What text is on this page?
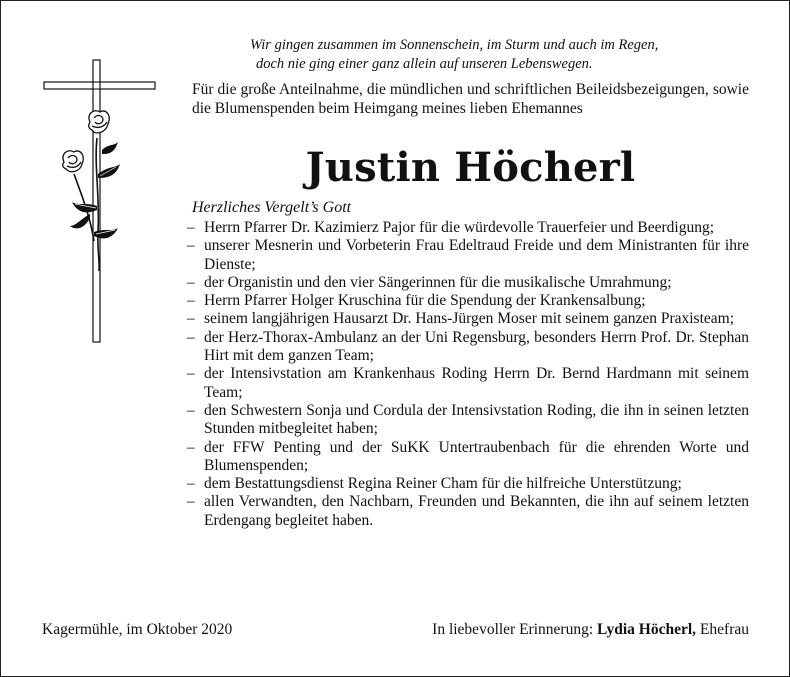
Wir gingen zusammen im Sonnenschein, im Sturm und auch im Regen,
doch nie ging einer ganz allein auf unseren Lebenswegen.
Für die große Anteilnahme, die mündlichen und schriftlichen Beileidsbezeigungen, sowie die Blumenspenden beim Heimgang meines lieben Ehemannes
Justin Höcherl
Herzliches Vergelt’s Gott
– Herrn Pfarrer Dr. Kazimierz Pajor für die würdevolle Trauerfeier und Beerdigung;
– unserer Mesnerin und Vorbeterin Frau Edeltraud Freide und dem Ministranten für ihre Dienste;
– der Organistin und den vier Sängerinnen für die musikalische Umrahmung;
– Herrn Pfarrer Holger Kruschina für die Spendung der Krankensalbung;
– seinem langjährigen Hausarzt Dr. Hans-Jürgen Moser mit seinem ganzen Praxisteam;
– der Herz-Thorax-Ambulanz an der Uni Regensburg, besonders Herrn Prof. Dr. Stephan Hirt mit dem ganzen Team;
– der Intensivstation am Krankenhaus Roding Herrn Dr. Bernd Hardmann mit seinem Team;
– den Schwestern Sonja und Cordula der Intensivstation Roding, die ihn in seinen letzten Stunden mitbegleitet haben;
– der FFW Penting und der SuKK Untertraubenbach für die ehrenden Worte und Blumenspenden;
– dem Bestattungsdienst Regina Reiner Cham für die hilfreiche Unterstützung;
– allen Verwandten, den Nachbarn, Freunden und Bekannten, die ihn auf seinem letzten Erdengang begleitet haben.
Kagermühle, im Oktober 2020	In liebevoller Erinnerung: Lydia Höcherl, Ehefrau
